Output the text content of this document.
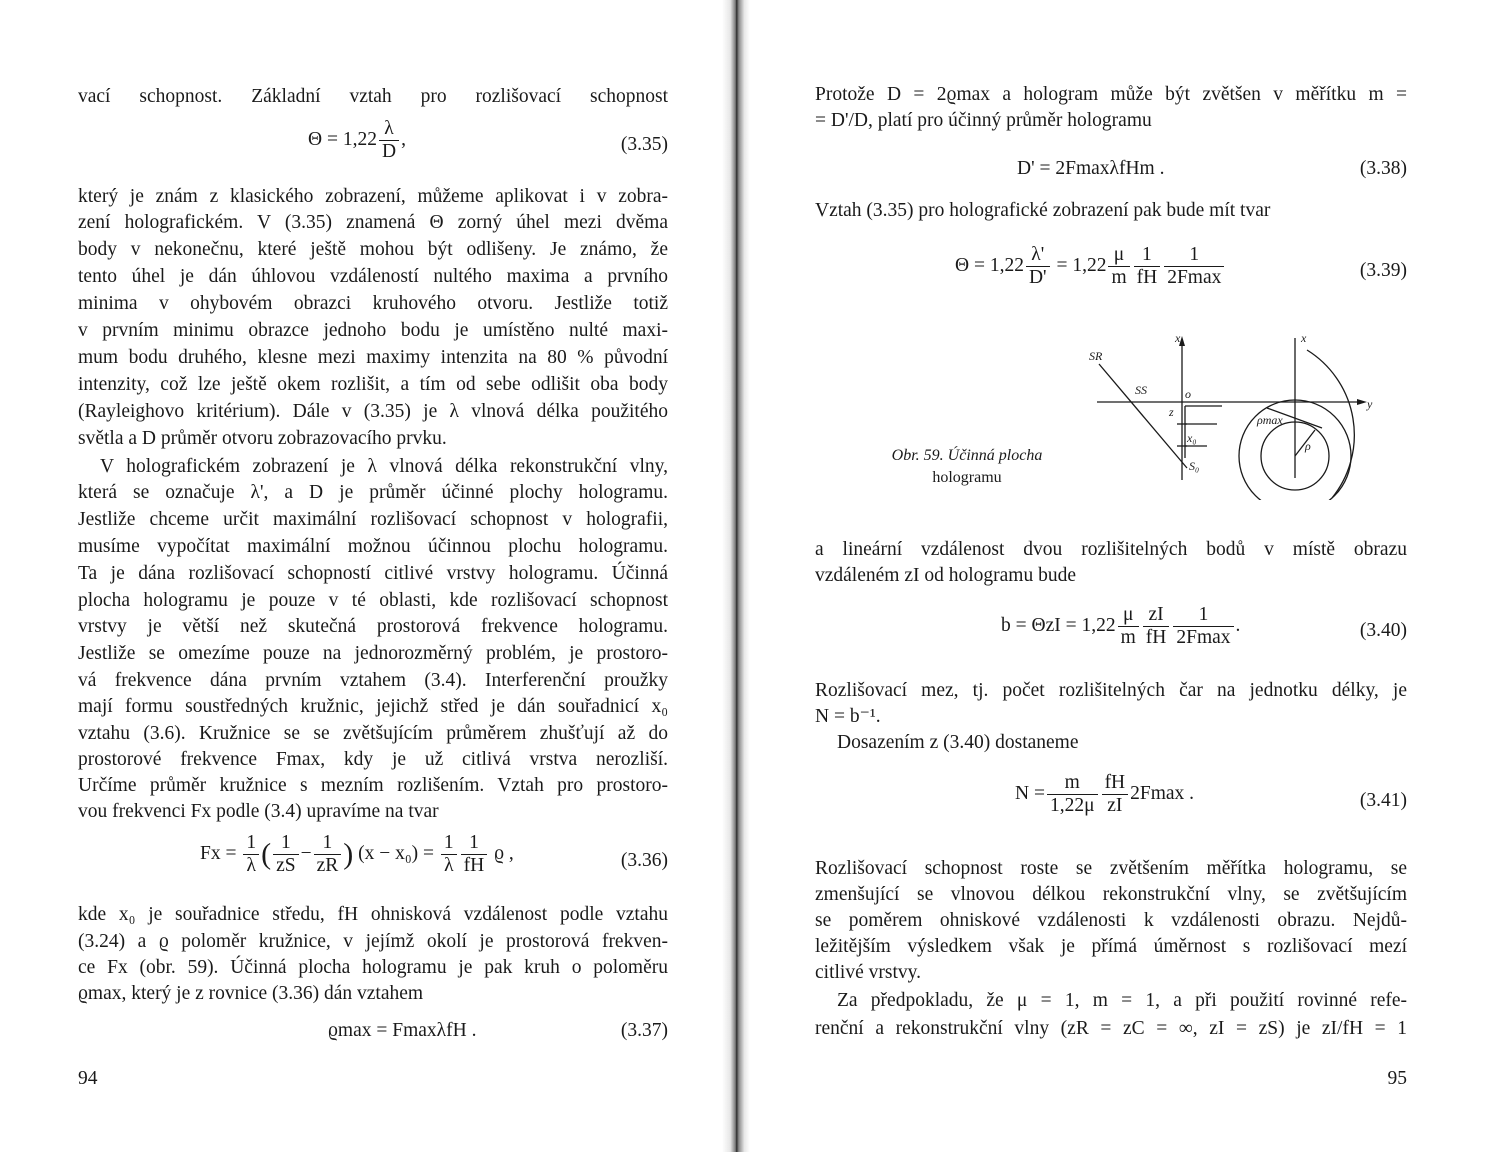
vací schopnost. Základní vztah pro rozlišovací schopnost
$\Theta = 1,22 \frac{\lambda}{D}$ ,	(3.35)
který je znám z klasického zobrazení, můžeme aplikovat i v zobra-
zení holografickém. V (3.35) znamená Θ zorný úhel mezi dvěma
body v nekonečnu, které ještě mohou být odlišeny. Je známo, že
tento úhel je dán úhlovou vzdáleností nultého maxima a prvního
minima v ohybovém obrazci kruhového otvoru. Jestliže totiž
v prvním minimu obrazce jednoho bodu je umístěno nulté maxi-
mum bodu druhého, klesne mezi maximy intenzita na 80 % původní
intenzity, což lze ještě okem rozlišit, a tím od sebe odlišit oba body
(Rayleighovo kritérium). Dále v (3.35) je λ vlnová délka použitého
světla a D průměr otvoru zobrazovacího prvku.
V holografickém zobrazení je λ vlnová délka rekonstrukční vlny,
která se označuje λ', a D je průměr účinné plochy hologramu.
Jestliže chceme určit maximální rozlišovací schopnost v holografii,
musíme vypočítat maximální možnou účinnou plochu hologramu.
Ta je dána rozlišovací schopností citlivé vrstvy hologramu. Účinná
plocha hologramu je pouze v té oblasti, kde rozlišovací schopnost
vrstvy je větší než skutečná prostorová frekvence hologramu.
Jestliže se omezíme pouze na jednorozměrný problém, je prostoro-
vá frekvence dána prvním vztahem (3.4). Interferenční proužky
mají formu soustředných kružnic, jejichž střed je dán souřadnicí x₀
vztahu (3.6). Kružnice se se zvětšujícím průměrem zhušťují až do
prostorové frekvence Fmax, kdy je už citlivá vrstva nerozliší.
Určíme průměr kružnice s mezním rozlišením. Vztah pro prostoro-
vou frekvenci Fx podle (3.4) upravíme na tvar
$Fx = \frac{1}{\lambda}$ ( $\frac{1}{zS} - \frac{1}{zR}$ ) $(x - x_0) = \frac{1}{\lambda} \frac{1}{fH}$ ϱ ,	(3.36)
kde x₀ je souřadnice středu, fH ohnisková vzdálenost podle vztahu
(3.24) a ϱ poloměr kružnice, v jejímž okolí je prostorová frekven-
ce Fx (obr. 59). Účinná plocha hologramu je pak kruh o poloměru
ϱmax, který je z rovnice (3.36) dán vztahem
ϱmax = FmaxλfH .	(3.37)
94
Protože D = 2ϱmax a hologram může být zvětšen v měřítku m =
= D'/D, platí pro účinný průměr hologramu
D' = 2FmaxλfHm .	(3.38)
Vztah (3.35) pro holografické zobrazení pak bude mít tvar
$\Theta = 1,22 \frac{\lambda'}{D'} = 1,22 \frac{\mu}{m} \frac{1}{fH} \frac{1}{2Fmax}$	(3.39)
Obr. 59. Účinná plocha
hologramu
SR
SS	o
z
x₀
S₀
x	x
y
ρmax
ρ
a lineární vzdálenost dvou rozlišitelných bodů v místě obrazu
vzdáleném zI od hologramu bude
$b = \Theta zI = 1,22 \frac{\mu}{m} \frac{zI}{fH} \frac{1}{2Fmax}$ .	(3.40)
Rozlišovací mez, tj. počet rozlišitelných čar na jednotku délky, je
N = b⁻¹.
Dosazením z (3.40) dostaneme
$N = \frac{m}{1,22\mu} \frac{fH}{zI} 2Fmax$ .	(3.41)
Rozlišovací schopnost roste se zvětšením měřítka hologramu, se
zmenšující se vlnovou délkou rekonstrukční vlny, se zvětšujícím
se poměrem ohniskové vzdálenosti k vzdálenosti obrazu. Nejdů-
ležitějším výsledkem však je přímá úměrnost s rozlišovací mezí
citlivé vrstvy.
Za předpokladu, že μ = 1, m = 1, a při použití rovinné refe-
renční a rekonstrukční vlny (zR = zC = ∞, zI = zS) je zI/fH = 1
95
